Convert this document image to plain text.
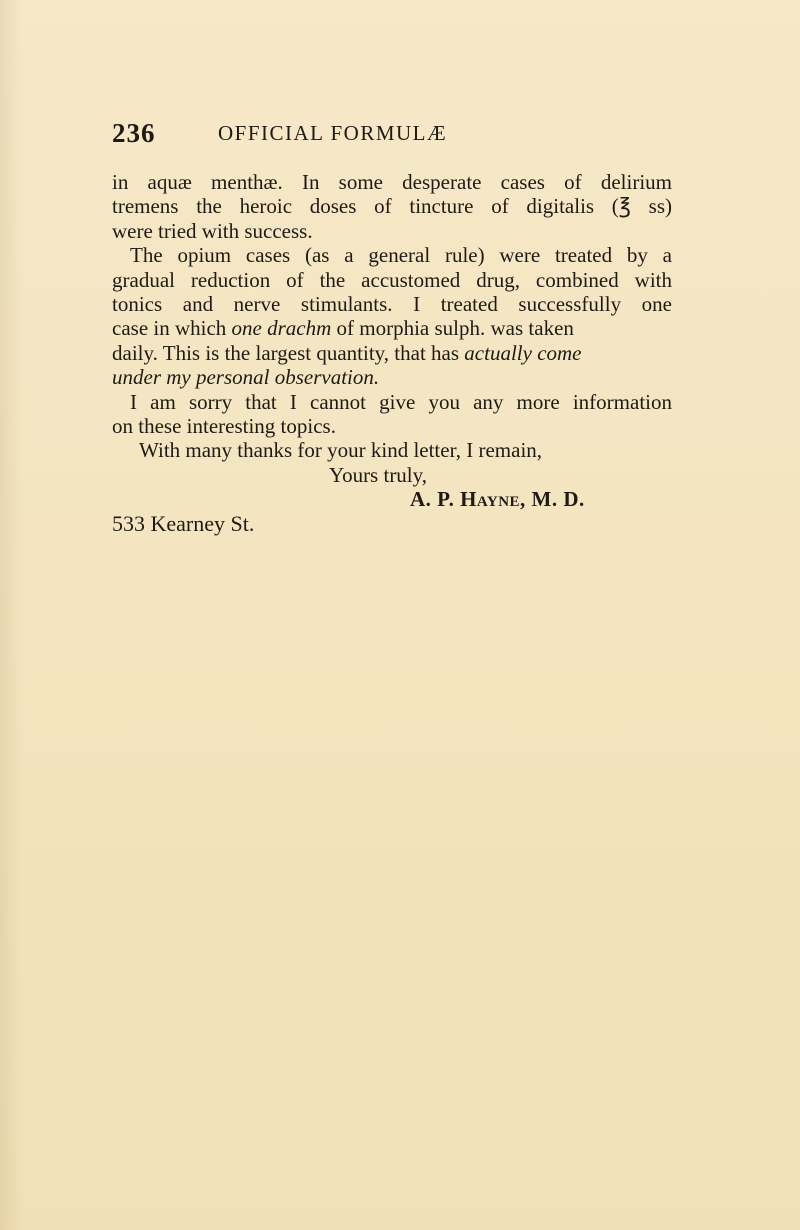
236	OFFICIAL FORMULÆ
in aquæ menthæ. In some desperate cases of delirium
tremens the heroic doses of tincture of digitalis (℥ ss)
were tried with success.
The opium cases (as a general rule) were treated by a
gradual reduction of the accustomed drug, combined with
tonics and nerve stimulants. I treated successfully one
case in which one drachm of morphia sulph. was taken
daily. This is the largest quantity, that has actually come
under my personal observation.
I am sorry that I cannot give you any more information
on these interesting topics.
With many thanks for your kind letter, I remain,
Yours truly,
A. P. Hayne, M. D.
533 Kearney St.
